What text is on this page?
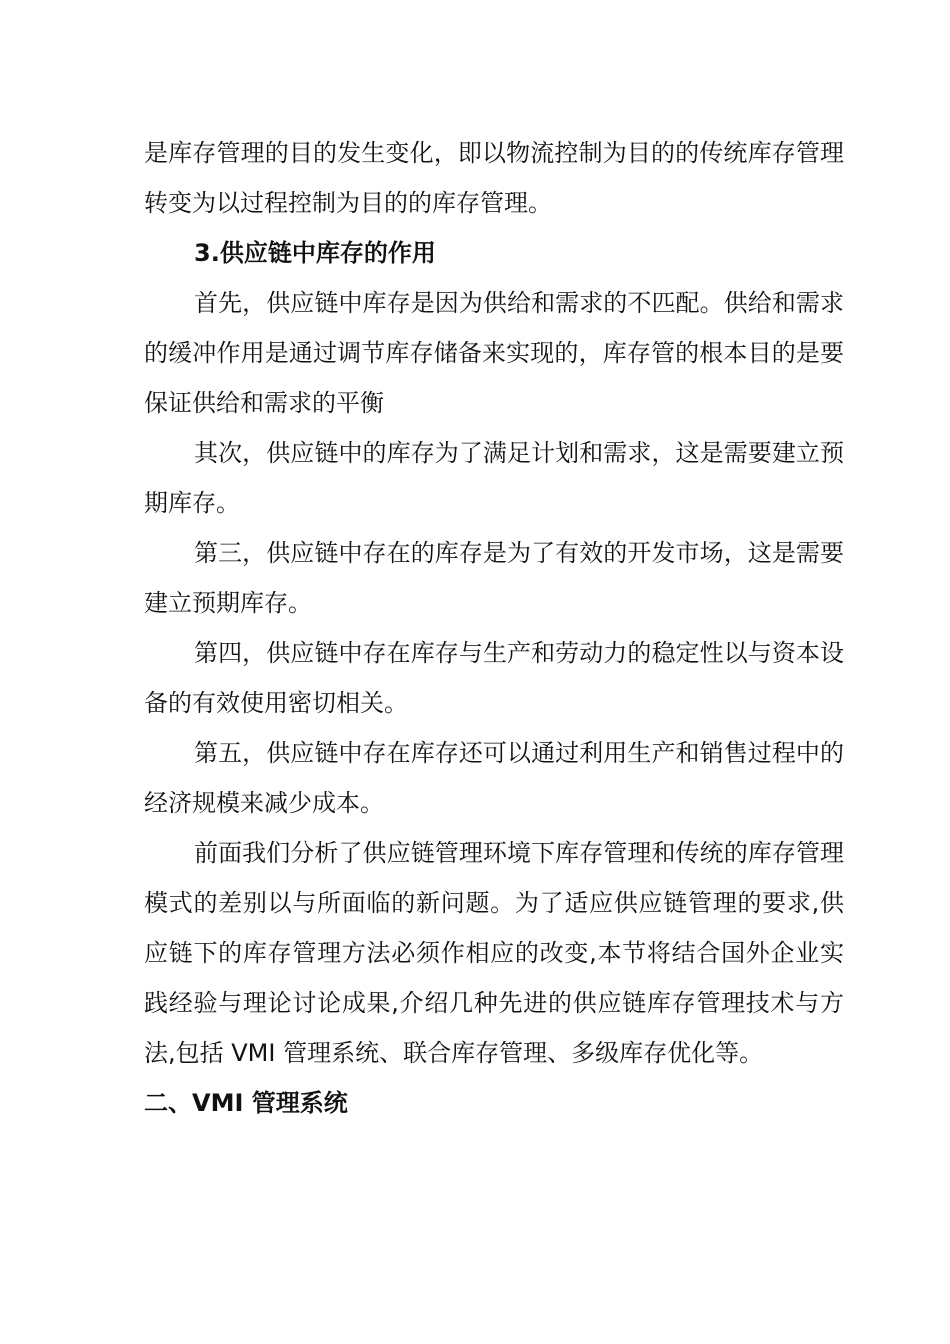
是库存管理的目的发生变化，即以物流控制为目的的传统库存管理转变为以过程控制为目的的库存管理。

3.供应链中库存的作用

首先，供应链中库存是因为供给和需求的不匹配。供给和需求的缓冲作用是通过调节库存储备来实现的，库存管的根本目的是要保证供给和需求的平衡

其次，供应链中的库存为了满足计划和需求，这是需要建立预期库存。

第三，供应链中存在的库存是为了有效的开发市场，这是需要建立预期库存。

第四，供应链中存在库存与生产和劳动力的稳定性以与资本设备的有效使用密切相关。

第五，供应链中存在库存还可以通过利用生产和销售过程中的经济规模来减少成本。

前面我们分析了供应链管理环境下库存管理和传统的库存管理模式的差别以与所面临的新问题。为了适应供应链管理的要求,供应链下的库存管理方法必须作相应的改变,本节将结合国外企业实践经验与理论讨论成果,介绍几种先进的供应链库存管理技术与方法,包括 VMI 管理系统、联合库存管理、多级库存优化等。

二、VMI 管理系统
